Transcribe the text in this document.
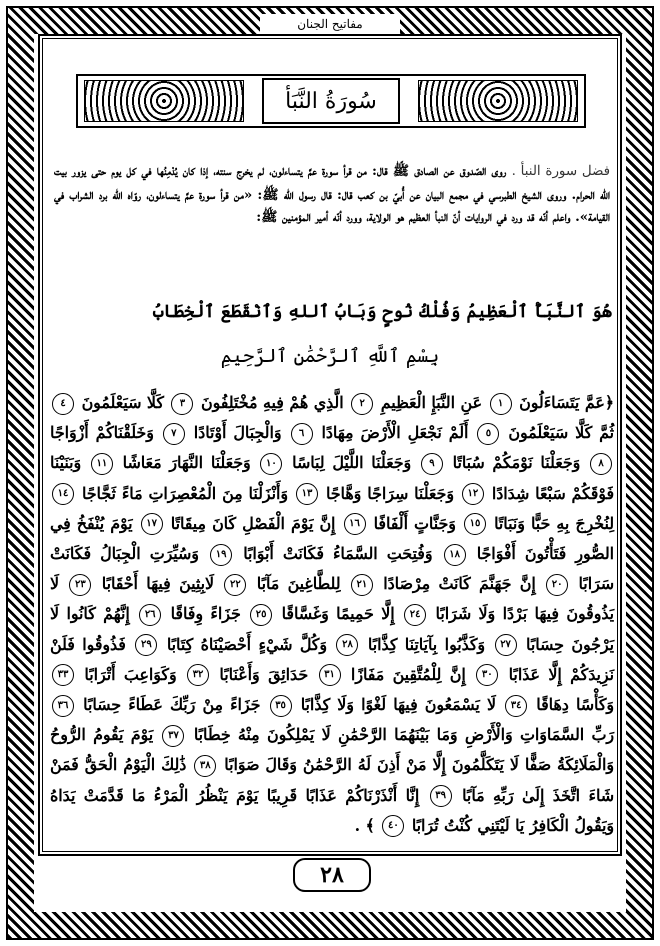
مفاتيح الجنان
سُورَةُ النَّبَأ
فضل سورة النبأ . روى الصّدوق عن الصادق ﷺ قال: من قرأ سورة عمَّ يتساءلون، لم يخرج سنته، إذا كان يُدْمِنُها في كل يوم حتى يزور بيت الله الحرام. وروى الشيخ الطبرسي في مجمع البيان عن أُبيّ بن كعب قال: قال رسول الله ﷺ: «من قرأ سورة عمَّ يتساءلون، روّاه الله برد الشراب في القيامة». واعلم أنّه قد ورد في الروايات أنّ النبأ العظيم هو الولاية، وورد أنّه أمير المؤمنين ﷺ:
هُوَ ٱلنَّبَأُ ٱلْعَظِيمُ وَفُلْكُ نُوحٍ وَبَابُ ٱللهِ وَٱنْقَطَعَ ٱلْخِطَابُ
بِسْمِ ٱللَّهِ ٱلرَّحْمَٰنِ ٱلرَّحِيمِ
﴿عَمَّ يَتَسَاءَلُونَ ١ عَنِ النَّبَإِ الْعَظِيمِ ٢ الَّذِي هُمْ فِيهِ مُخْتَلِفُونَ ٣ كَلَّا سَيَعْلَمُونَ ٤ ثُمَّ كَلَّا سَيَعْلَمُونَ ٥ أَلَمْ نَجْعَلِ الْأَرْضَ مِهَادًا ٦ وَالْجِبَالَ أَوْتَادًا ٧ وَخَلَقْنَاكُمْ أَزْوَاجًا ٨ وَجَعَلْنَا نَوْمَكُمْ سُبَاتًا ٩ وَجَعَلْنَا اللَّيْلَ لِبَاسًا ١٠ وَجَعَلْنَا النَّهَارَ مَعَاشًا ١١ وَبَنَيْنَا فَوْقَكُمْ سَبْعًا شِدَادًا ١٢ وَجَعَلْنَا سِرَاجًا وَهَّاجًا ١٣ وَأَنْزَلْنَا مِنَ الْمُعْصِرَاتِ مَاءً ثَجَّاجًا ١٤ لِنُخْرِجَ بِهِ حَبًّا وَنَبَاتًا ١٥ وَجَنَّاتٍ أَلْفَافًا ١٦ إِنَّ يَوْمَ الْفَصْلِ كَانَ مِيقَاتًا ١٧ يَوْمَ يُنْفَخُ فِي الصُّورِ فَتَأْتُونَ أَفْوَاجًا ١٨ وَفُتِحَتِ السَّمَاءُ فَكَانَتْ أَبْوَابًا ١٩ وَسُيِّرَتِ الْجِبَالُ فَكَانَتْ سَرَابًا ٢٠ إِنَّ جَهَنَّمَ كَانَتْ مِرْصَادًا ٢١ لِلطَّاغِينَ مَآبًا ٢٢ لَابِثِينَ فِيهَا أَحْقَابًا ٢٣ لَا يَذُوقُونَ فِيهَا بَرْدًا وَلَا شَرَابًا ٢٤ إِلَّا حَمِيمًا وَغَسَّاقًا ٢٥ جَزَاءً وِفَاقًا ٢٦ إِنَّهُمْ كَانُوا لَا يَرْجُونَ حِسَابًا ٢٧ وَكَذَّبُوا بِآيَاتِنَا كِذَّابًا ٢٨ وَكُلَّ شَيْءٍ أَحْصَيْنَاهُ كِتَابًا ٢٩ فَذُوقُوا فَلَنْ نَزِيدَكُمْ إِلَّا عَذَابًا ٣٠ إِنَّ لِلْمُتَّقِينَ مَفَازًا ٣١ حَدَائِقَ وَأَعْنَابًا ٣٢ وَكَوَاعِبَ أَتْرَابًا ٣٣ وَكَأْسًا دِهَاقًا ٣٤ لَا يَسْمَعُونَ فِيهَا لَغْوًا وَلَا كِذَّابًا ٣٥ جَزَاءً مِنْ رَبِّكَ عَطَاءً حِسَابًا ٣٦ رَبِّ السَّمَاوَاتِ وَالْأَرْضِ وَمَا بَيْنَهُمَا الرَّحْمَٰنِ لَا يَمْلِكُونَ مِنْهُ خِطَابًا ٣٧ يَوْمَ يَقُومُ الرُّوحُ وَالْمَلَائِكَةُ صَفًّا لَا يَتَكَلَّمُونَ إِلَّا مَنْ أَذِنَ لَهُ الرَّحْمَٰنُ وَقَالَ صَوَابًا ٣٨ ذَٰلِكَ الْيَوْمُ الْحَقُّ فَمَنْ شَاءَ اتَّخَذَ إِلَىٰ رَبِّهِ مَآبًا ٣٩ إِنَّا أَنْذَرْنَاكُمْ عَذَابًا قَرِيبًا يَوْمَ يَنْظُرُ الْمَرْءُ مَا قَدَّمَتْ يَدَاهُ وَيَقُولُ الْكَافِرُ يَا لَيْتَنِي كُنْتُ تُرَابًا ٤٠ ﴾ .
٢٨
